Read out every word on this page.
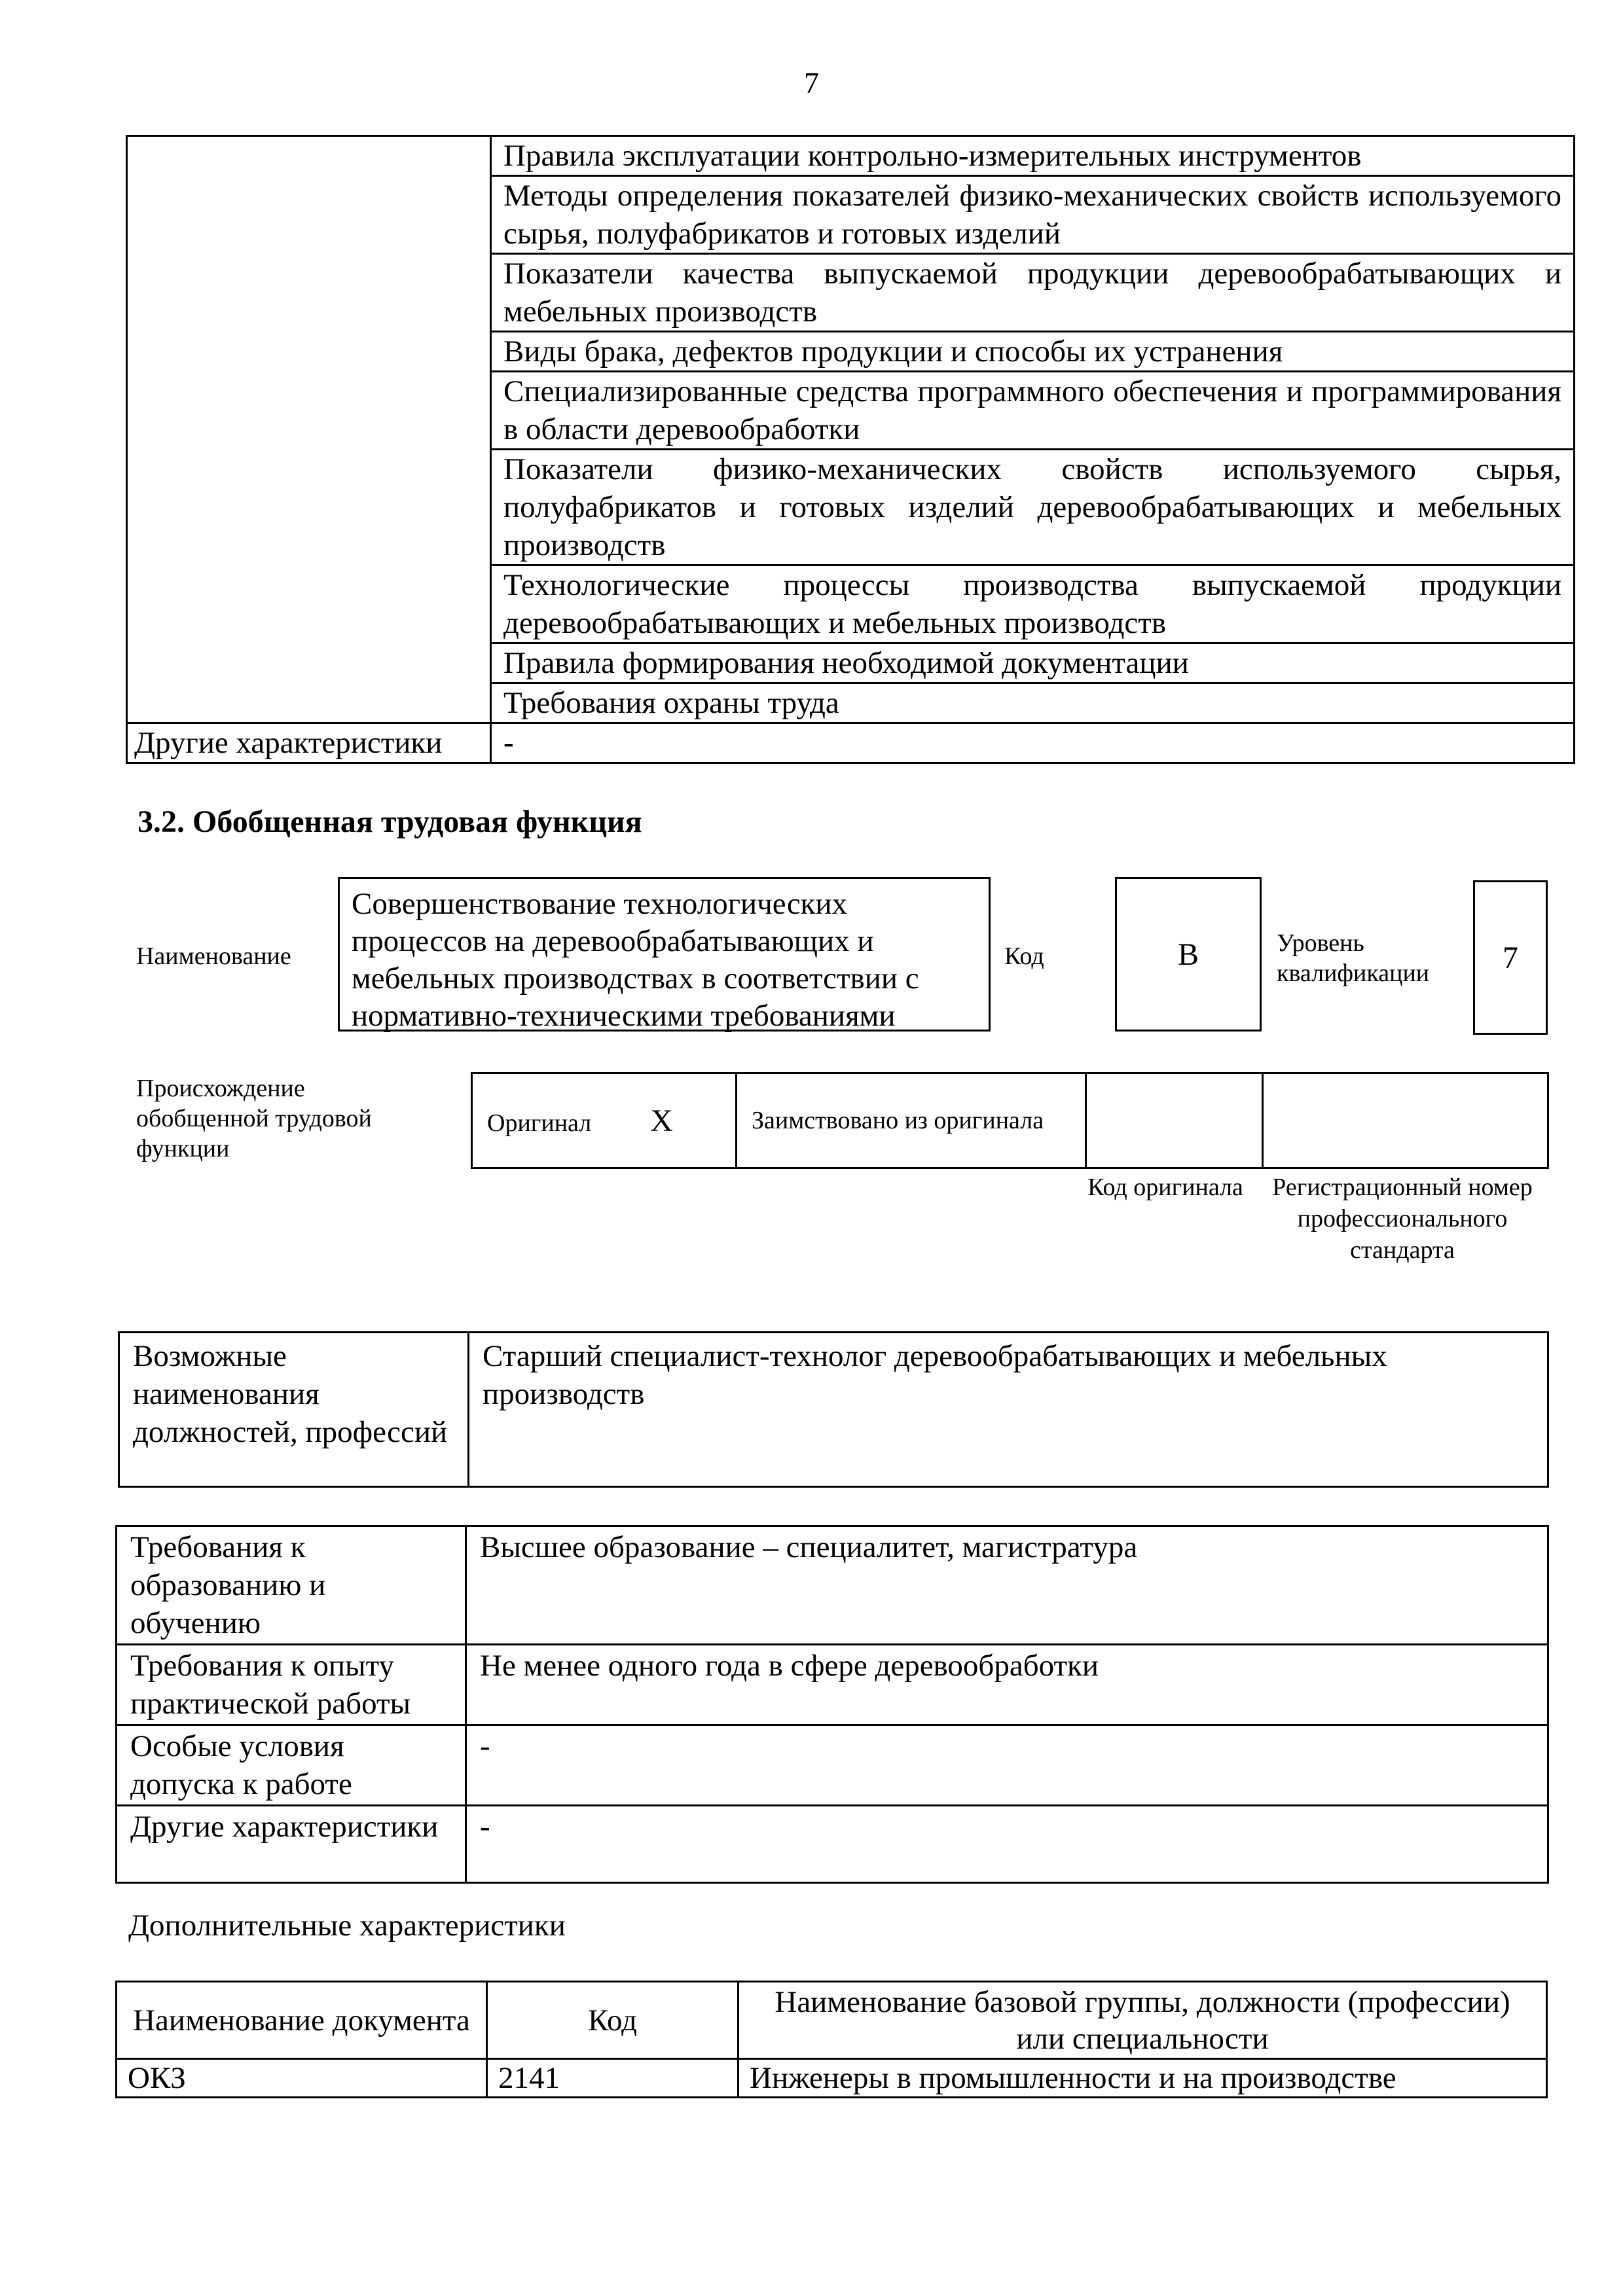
7
	Правила эксплуатации контрольно-измерительных инструментов
	Методы определения показателей физико-механических свойств используемого сырья, полуфабрикатов и готовых изделий
	Показатели качества выпускаемой продукции деревообрабатывающих и мебельных производств
	Виды брака, дефектов продукции и способы их устранения
	Специализированные средства программного обеспечения и программирования в области деревообработки
	Показатели физико-механических свойств используемого сырья, полуфабрикатов и готовых изделий деревообрабатывающих и мебельных производств
	Технологические процессы производства выпускаемой продукции деревообрабатывающих и мебельных производств
	Правила формирования необходимой документации
	Требования охраны труда
Другие характеристики	-
3.2. Обобщенная трудовая функция
Наименование
Совершенствование технологических процессов на деревообрабатывающих и мебельных производствах в соответствии с нормативно-техническими требованиями
Код	B	Уровень квалификации	7
Происхождение обобщенной трудовой функции
Оригинал X	Заимствовано из оригинала		
Код оригинала	Регистрационный номер профессионального стандарта
Возможные наименования должностей, профессий	Старший специалист-технолог деревообрабатывающих и мебельных производств
Требования к образованию и обучению	Высшее образование – специалитет, магистратура
Требования к опыту практической работы	Не менее одного года в сфере деревообработки
Особые условия допуска к работе	-
Другие характеристики	-
Дополнительные характеристики
Наименование документа	Код	Наименование базовой группы, должности (профессии) или специальности
ОКЗ	2141	Инженеры в промышленности и на производстве
